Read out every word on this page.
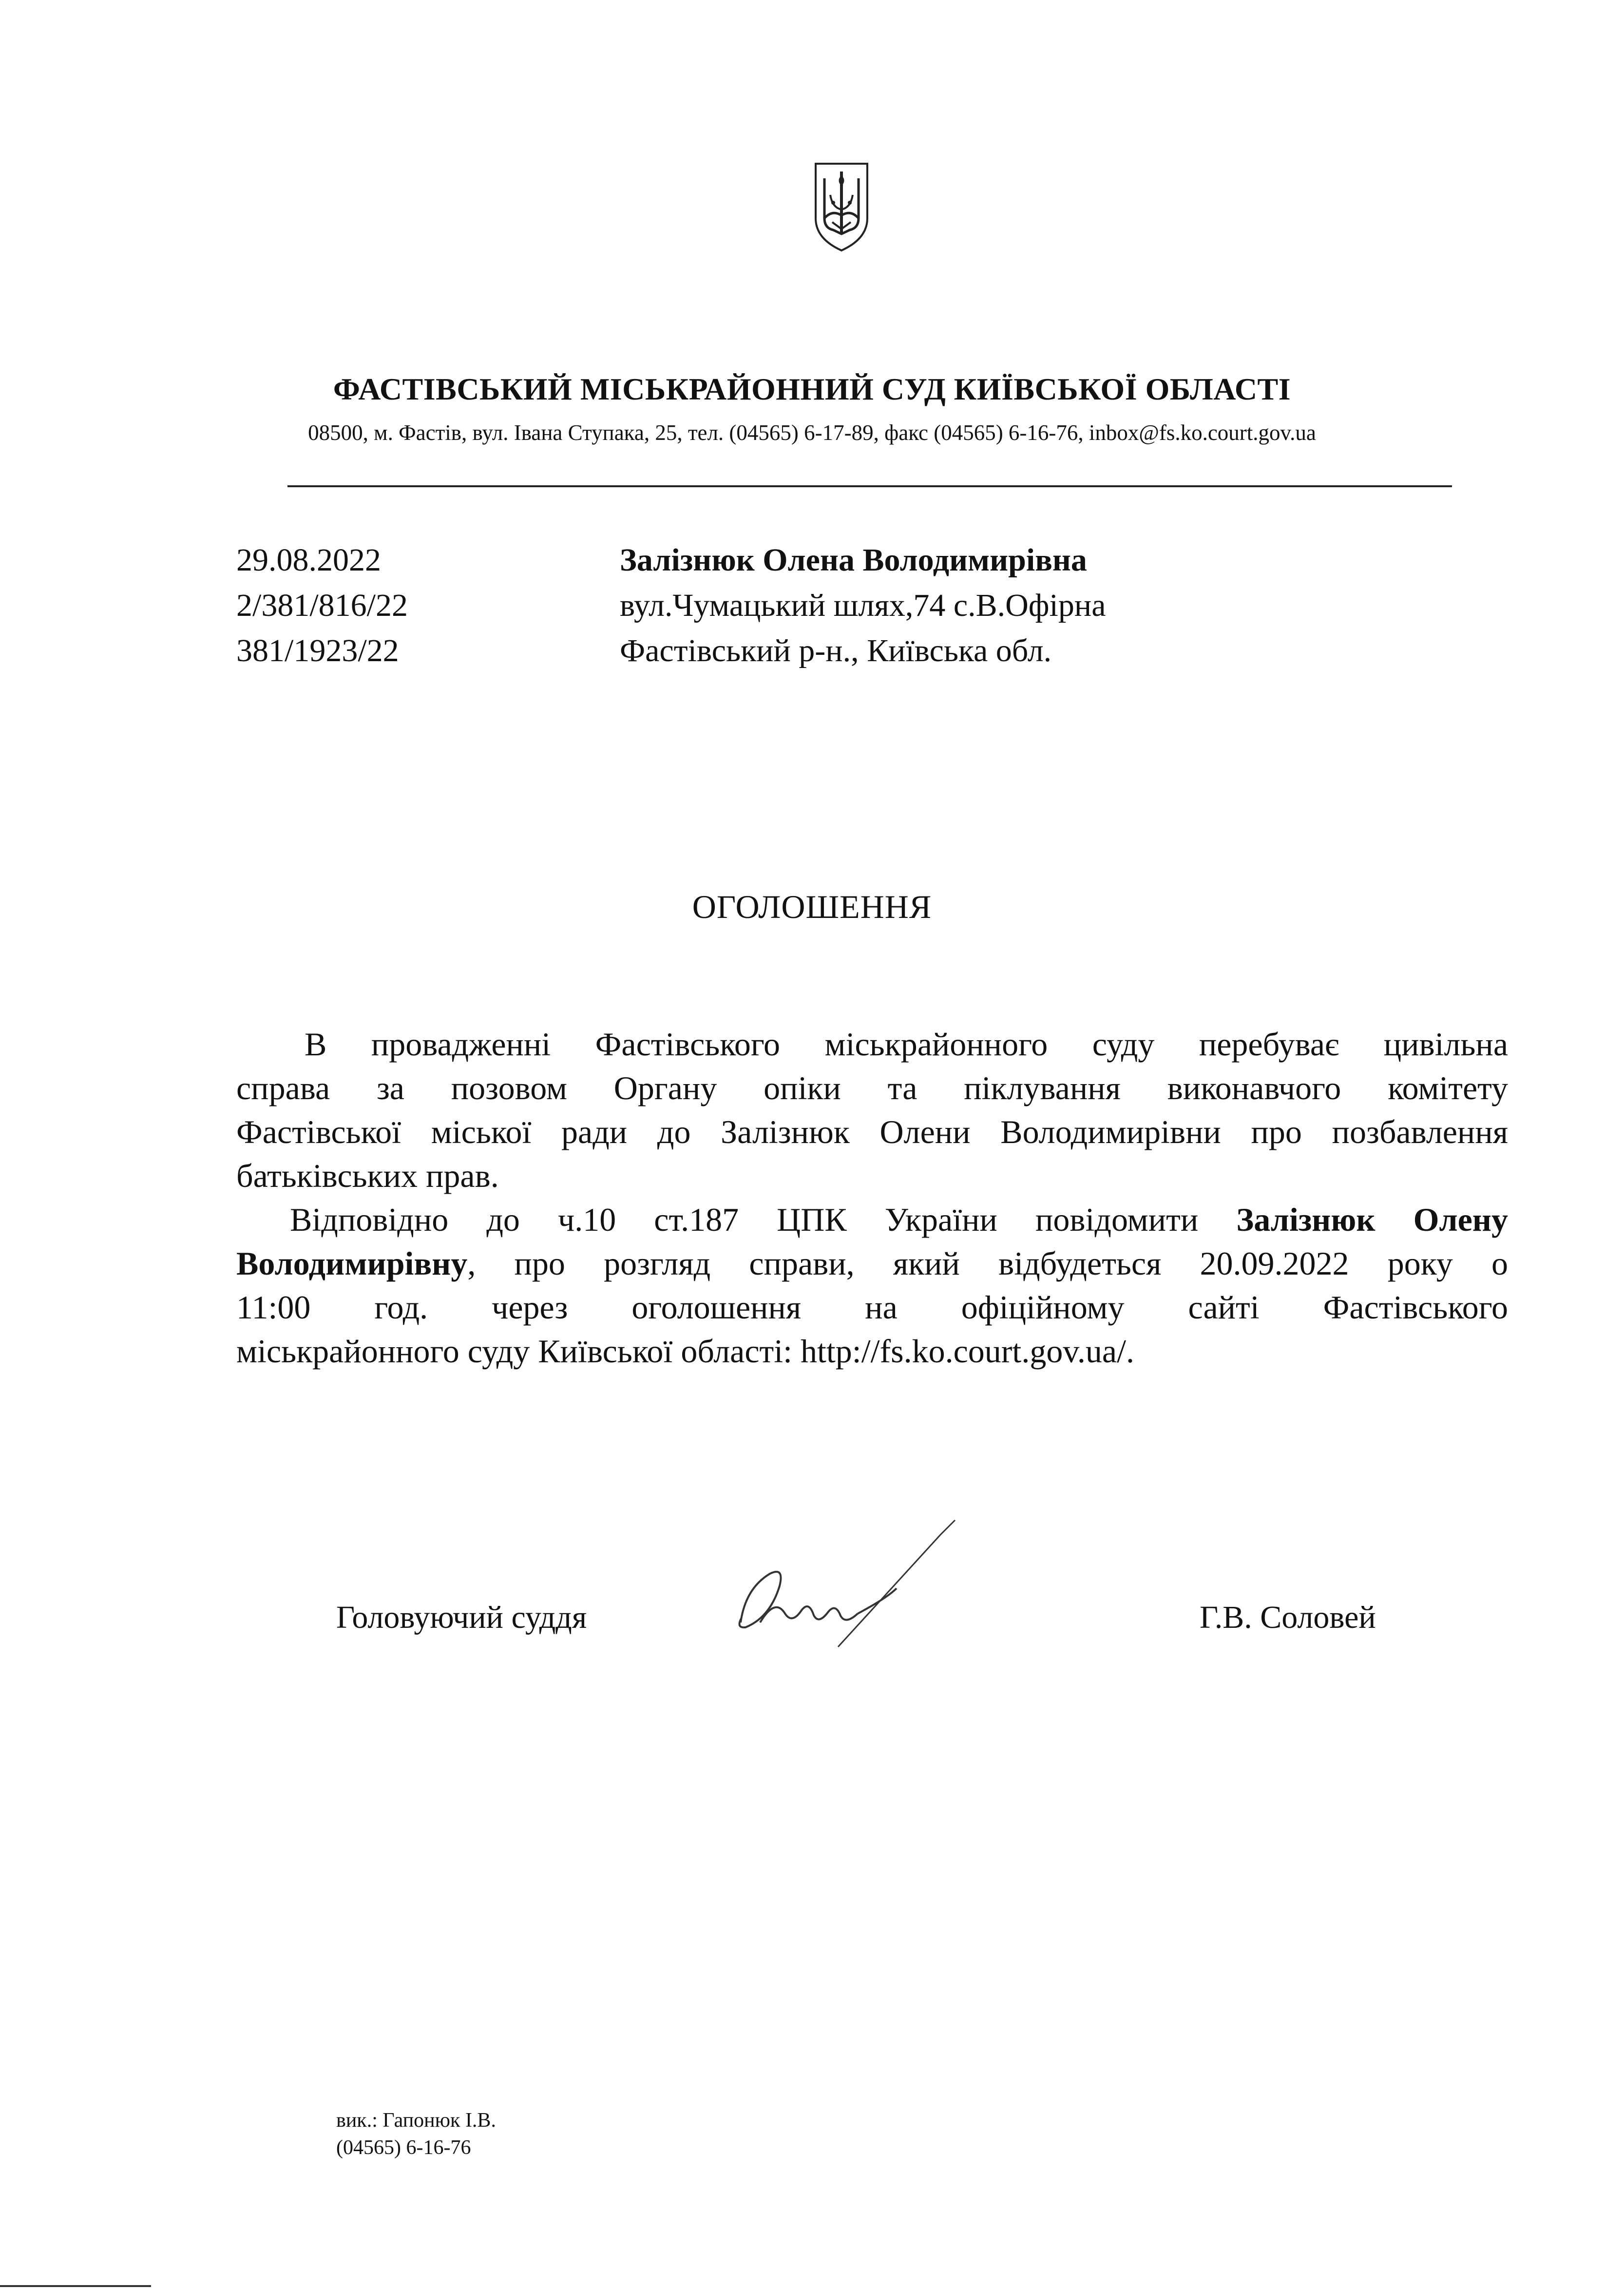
ФАСТІВСЬКИЙ МІСЬКРАЙОННИЙ СУД КИЇВСЬКОЇ ОБЛАСТІ
08500, м. Фастів, вул. Івана Ступака, 25, тел. (04565) 6-17-89, факс (04565) 6-16-76, inbox@fs.ko.court.gov.ua
29.08.2022
2/381/816/22
381/1923/22
Залізнюк Олена Володимирівна
вул.Чумацький шлях,74 с.В.Офірна
Фастівський р-н., Київська обл.
ОГОЛОШЕННЯ
В провадженні Фастівського міськрайонного суду перебуває цивільна
справа за позовом Органу опіки та піклування виконавчого комітету
Фастівської міської ради до Залізнюк Олени Володимирівни про позбавлення
батьківських прав.
Відповідно до ч.10 ст.187 ЦПК України повідомити Залізнюк Олену
Володимирівну, про розгляд справи, який відбудеться 20.09.2022 року о
11:00 год. через оголошення на офіційному сайті Фастівського
міськрайонного суду Київської області: http://fs.ko.court.gov.ua/.
Головуючий суддя	Г.В. Соловей
вик.: Гапонюк І.В.
(04565) 6-16-76
